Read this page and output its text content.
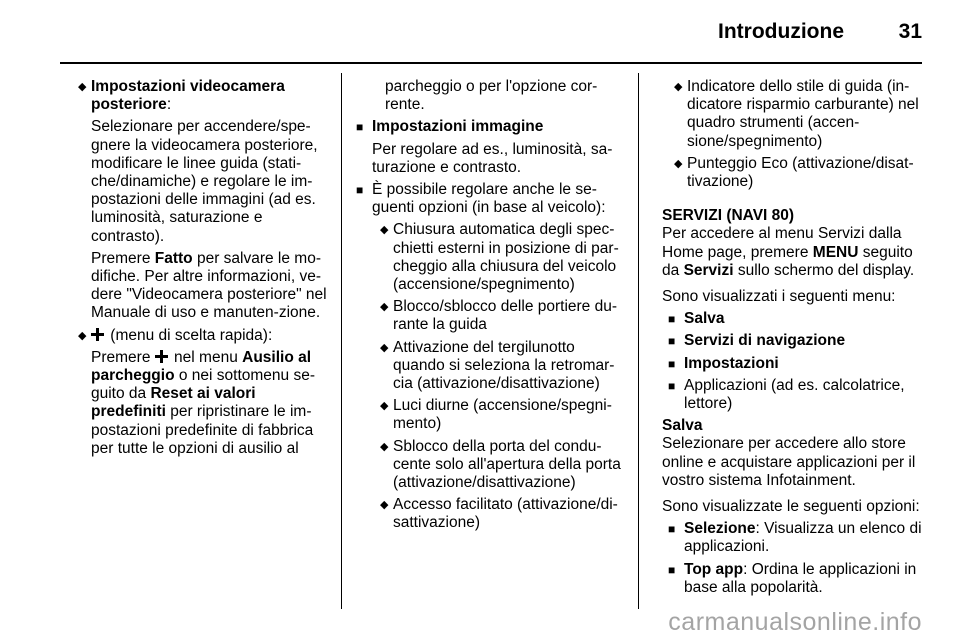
Introduzione	31
◆ Impostazioni videocamera posteriore:
Selezionare per accendere/spe-gnere la videocamera posteriore, modificare le linee guida (stati-che/dinamiche) e regolare le im-postazioni delle immagini (ad es. luminosità, saturazione e contrasto).
Premere Fatto per salvare le mo-difiche. Per altre informazioni, ve-dere "Videocamera posteriore" nel Manuale di uso e manuten-zione.
◆	(menu di scelta rapida):
Premere  nel menu Ausilio al parcheggio o nei sottomenu se-guito da Reset ai valori predefiniti per ripristinare le im-postazioni predefinite di fabbrica per tutte le opzioni di ausilio al
parcheggio o per l'opzione cor-rente.
■ Impostazioni immagine
Per regolare ad es., luminosità, sa-turazione e contrasto.
■ È possibile regolare anche le se-guenti opzioni (in base al veicolo):
◆ Chiusura automatica degli spec-chietti esterni in posizione di par-cheggio alla chiusura del veicolo (accensione/spegnimento)
◆ Blocco/sblocco delle portiere du-rante la guida
◆ Attivazione del tergilunotto quando si seleziona la retromar-cia (attivazione/disattivazione)
◆ Luci diurne (accensione/spegni-mento)
◆ Sblocco della porta del condu-cente solo all'apertura della porta (attivazione/disattivazione)
◆ Accesso facilitato (attivazione/di-sattivazione)
◆ Indicatore dello stile di guida (in-dicatore risparmio carburante) nel quadro strumenti (accen-sione/spegnimento)
◆ Punteggio Eco (attivazione/disat-tivazione)
SERVIZI (NAVI 80)
Per accedere al menu Servizi dalla Home page, premere MENU seguito da Servizi sullo schermo del display.
Sono visualizzati i seguenti menu:
■ Salva
■ Servizi di navigazione
■ Impostazioni
■ Applicazioni (ad es. calcolatrice, lettore)
Salva
Selezionare per accedere allo store online e acquistare applicazioni per il vostro sistema Infotainment.
Sono visualizzate le seguenti opzioni:
■ Selezione: Visualizza un elenco di applicazioni.
■ Top app: Ordina le applicazioni in base alla popolarità.
carmanualsonline.info
